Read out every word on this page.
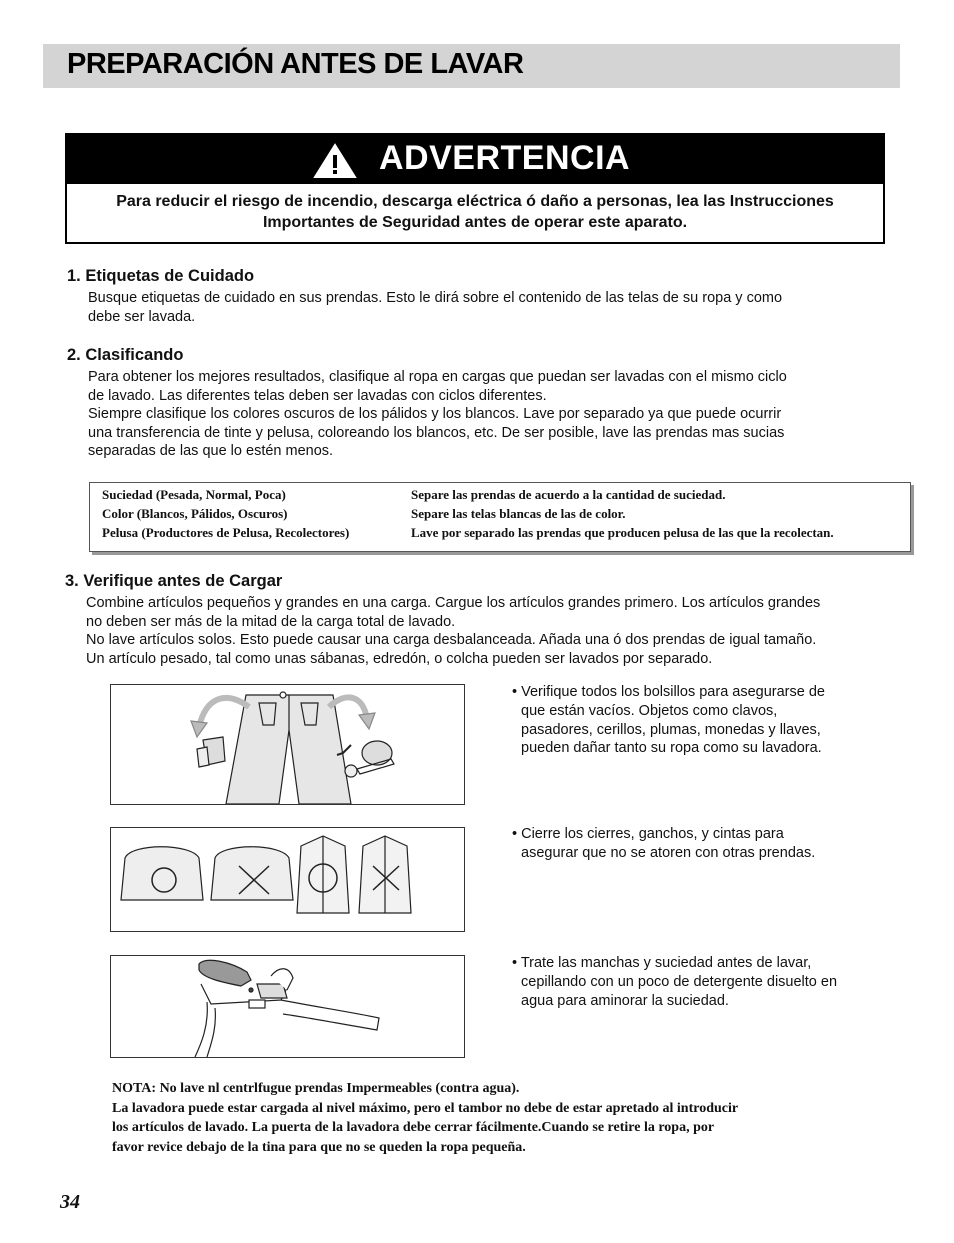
PREPARACIÓN ANTES DE LAVAR
ADVERTENCIA
Para reducir el riesgo de incendio, descarga eléctrica ó daño a personas, lea las Instrucciones Importantes de Seguridad antes de operar este aparato.
1. Etiquetas de Cuidado
Busque etiquetas de cuidado en sus prendas. Esto le dirá sobre el contenido de las telas de su ropa y como
debe ser lavada.
2. Clasificando
Para obtener los mejores resultados, clasifique al ropa en cargas que puedan ser lavadas con el mismo ciclo
de lavado. Las diferentes telas deben ser lavadas con ciclos diferentes.
Siempre clasifique los colores oscuros de los pálidos y los blancos. Lave por separado ya que puede ocurrir
una transferencia de tinte y pelusa, coloreando los blancos, etc. De ser posible, lave las prendas mas sucias
separadas de las que lo estén menos.
Suciedad (Pesada, Normal, Poca)	Separe las prendas de acuerdo a la cantidad de suciedad.
Color (Blancos, Pálidos, Oscuros)	Separe las telas blancas de las de color.
Pelusa (Productores de Pelusa, Recolectores)	Lave por separado las prendas que producen pelusa de las que la recolectan.
3. Verifique antes de Cargar
Combine artículos pequeños y grandes en una carga. Cargue los artículos grandes primero. Los artículos grandes
no deben ser más de la mitad de la carga total de lavado.
No lave artículos solos. Esto puede causar una carga desbalanceada. Añada una ó dos prendas de igual tamaño.
Un artículo pesado, tal como unas sábanas, edredón, o colcha pueden ser lavados por separado.
• Verifique todos los bolsillos para asegurarse de
que están vacíos. Objetos como clavos,
pasadores, cerillos, plumas, monedas y llaves,
pueden dañar tanto su ropa como su lavadora.
• Cierre los cierres, ganchos, y cintas para
asegurar que no se atoren con otras prendas.
• Trate las manchas y suciedad antes de lavar,
cepillando con un poco de detergente disuelto en
agua para aminorar la suciedad.
NOTA: No lave nl centrlfugue prendas Impermeables (contra agua).
La lavadora puede estar cargada al nivel máximo, pero el tambor no debe de estar apretado al introducir
los artículos de lavado. La puerta de la lavadora debe cerrar fácilmente.Cuando se retire la ropa, por
favor revice debajo de la tina para que no se queden la ropa pequeña.
34
